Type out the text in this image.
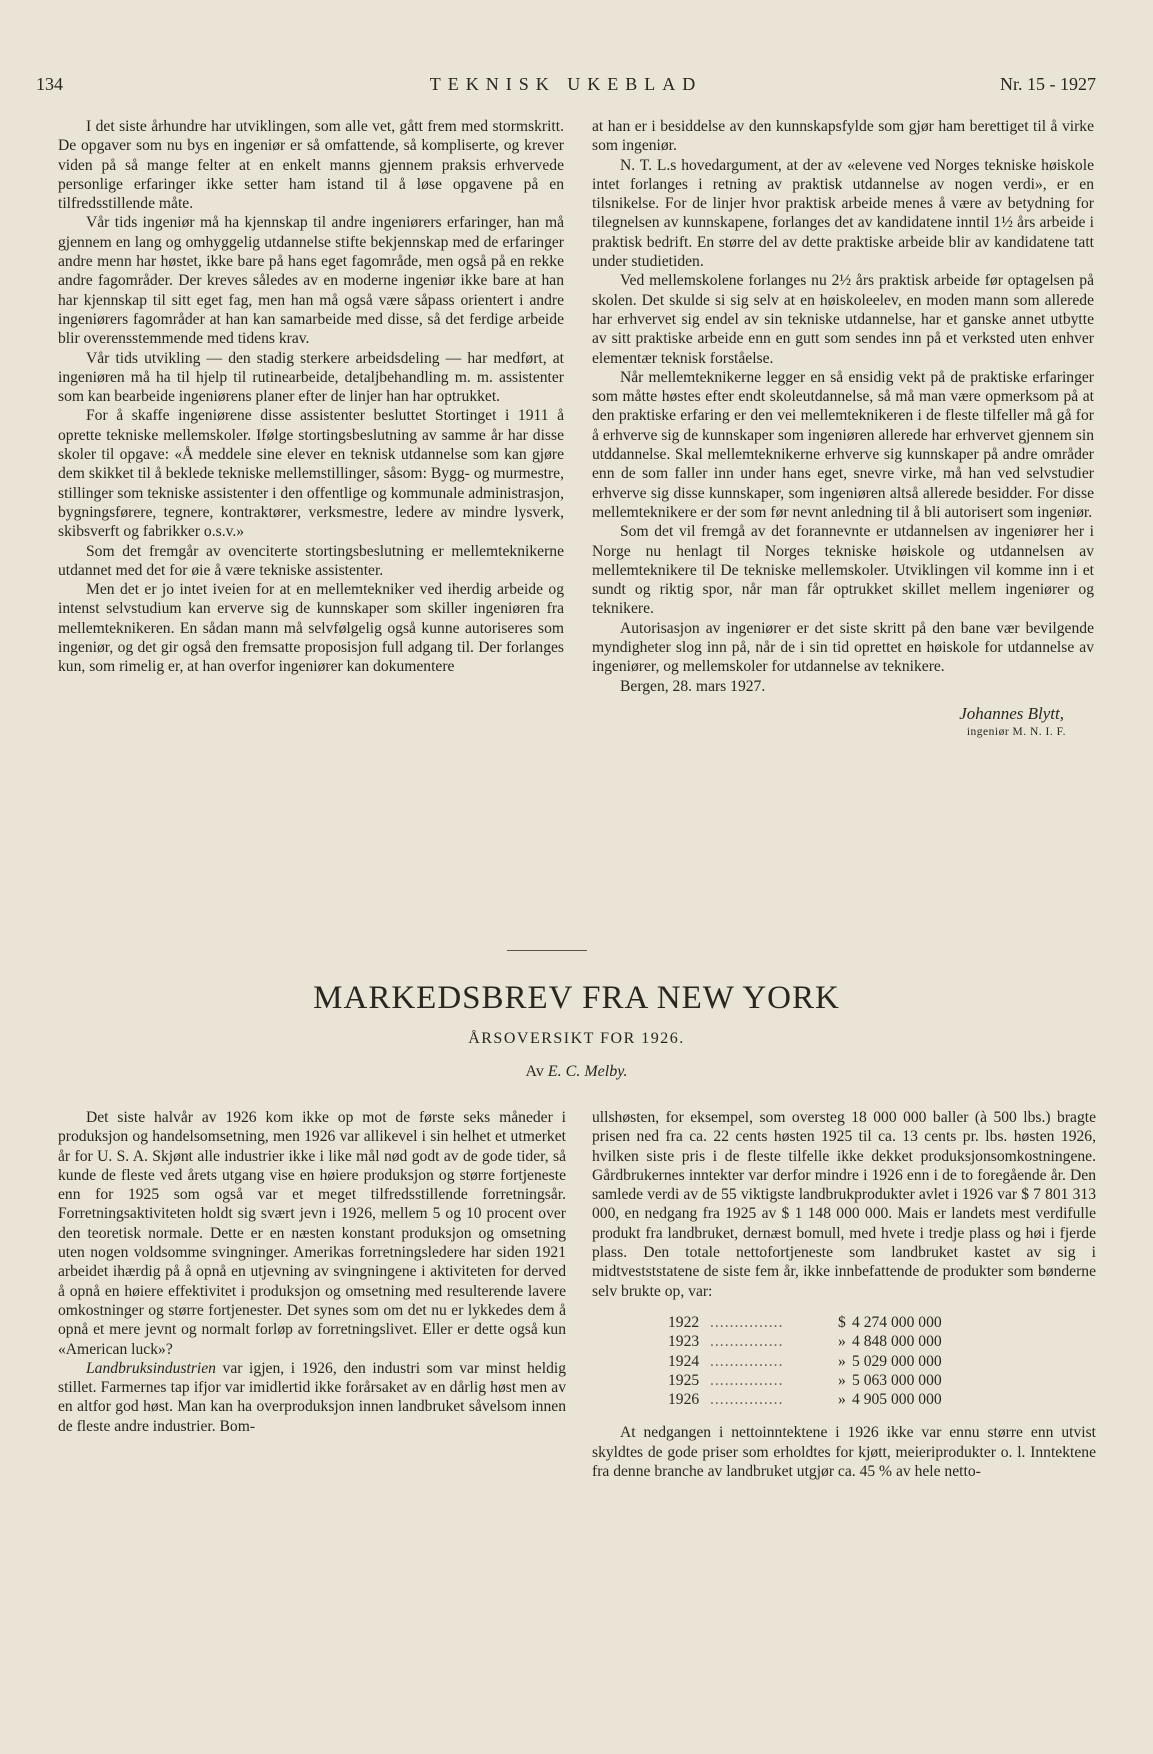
134	TEKNISK UKEBLAD	Nr. 15 - 1927

I det siste århundre har utviklingen, som alle vet, gått frem med stormskritt. De opgaver som nu bys en ingeniør er så omfattende, så kompliserte, og krever viden på så mange felter at en enkelt manns gjennem praksis erhvervede personlige erfaringer ikke setter ham istand til å løse opgavene på en tilfredsstillende måte.

Vår tids ingeniør må ha kjennskap til andre ingeniørers erfaringer, han må gjennem en lang og omhyggelig utdannelse stifte bekjennskap med de erfaringer andre menn har høstet, ikke bare på hans eget fagområde, men også på en rekke andre fagområder. Der kreves således av en moderne ingeniør ikke bare at han har kjennskap til sitt eget fag, men han må også være såpass orientert i andre ingeniørers fagområder at han kan samarbeide med disse, så det ferdige arbeide blir overensstemmende med tidens krav.

Vår tids utvikling — den stadig sterkere arbeidsdeling — har medført, at ingeniøren må ha til hjelp til rutinearbeide, detaljbehandling m. m. assistenter som kan bearbeide ingeniørens planer efter de linjer han har optrukket.

For å skaffe ingeniørene disse assistenter besluttet Stortinget i 1911 å oprette tekniske mellemskoler. Ifølge stortingsbeslutning av samme år har disse skoler til opgave: «Å meddele sine elever en teknisk utdannelse som kan gjøre dem skikket til å beklede tekniske mellemstillinger, såsom: Bygg- og murmestre, stillinger som tekniske assistenter i den offentlige og kommunale administrasjon, bygningsførere, tegnere, kontraktører, verksmestre, ledere av mindre lysverk, skibsverft og fabrikker o.s.v.»

Som det fremgår av ovenciterte stortingsbeslutning er mellemteknikerne utdannet med det for øie å være tekniske assistenter.

Men det er jo intet iveien for at en mellemtekniker ved iherdig arbeide og intenst selvstudium kan erverve sig de kunnskaper som skiller ingeniøren fra mellemteknikeren. En sådan mann må selvfølgelig også kunne autoriseres som ingeniør, og det gir også den fremsatte proposisjon full adgang til. Der forlanges kun, som rimelig er, at han overfor ingeniører kan dokumentere

at han er i besiddelse av den kunnskapsfylde som gjør ham berettiget til å virke som ingeniør.

N. T. L.s hovedargument, at der av «elevene ved Norges tekniske høiskole intet forlanges i retning av praktisk utdannelse av nogen verdi», er en tilsnikelse. For de linjer hvor praktisk arbeide menes å være av betydning for tilegnelsen av kunnskapene, forlanges det av kandidatene inntil 1½ års arbeide i praktisk bedrift. En større del av dette praktiske arbeide blir av kandidatene tatt under studietiden.

Ved mellemskolene forlanges nu 2½ års praktisk arbeide før optagelsen på skolen. Det skulde si sig selv at en høiskoleelev, en moden mann som allerede har erhvervet sig endel av sin tekniske utdannelse, har et ganske annet utbytte av sitt praktiske arbeide enn en gutt som sendes inn på et verksted uten enhver elementær teknisk forståelse.

Når mellemteknikerne legger en så ensidig vekt på de praktiske erfaringer som måtte høstes efter endt skoleutdannelse, så må man være opmerksom på at den praktiske erfaring er den vei mellemteknikeren i de fleste tilfeller må gå for å erhverve sig de kunnskaper som ingeniøren allerede har erhvervet gjennem sin utddannelse. Skal mellemteknikerne erhverve sig kunnskaper på andre områder enn de som faller inn under hans eget, snevre virke, må han ved selvstudier erhverve sig disse kunnskaper, som ingeniøren altså allerede besidder. For disse mellemteknikere er der som før nevnt anledning til å bli autorisert som ingeniør.

Som det vil fremgå av det forannevnte er utdannelsen av ingeniører her i Norge nu henlagt til Norges tekniske høiskole og utdannelsen av mellemteknikere til De tekniske mellemskoler. Utviklingen vil komme inn i et sundt og riktig spor, når man får optrukket skillet mellem ingeniører og teknikere.

Autorisasjon av ingeniører er det siste skritt på den bane vær bevilgende myndigheter slog inn på, når de i sin tid oprettet en høiskole for utdannelse av ingeniører, og mellemskoler for utdannelse av teknikere.

Bergen, 28. mars 1927.

Johannes Blytt,
ingeniør M. N. I. F.
MARKEDSBREV FRA NEW YORK
ÅRSOVERSIKT FOR 1926.
Av E. C. Melby.

Det siste halvår av 1926 kom ikke op mot de første seks måneder i produksjon og handelsomsetning, men 1926 var allikevel i sin helhet et utmerket år for U. S. A. Skjønt alle industrier ikke i like mål nød godt av de gode tider, så kunde de fleste ved årets utgang vise en høiere produksjon og større fortjeneste enn for 1925 som også var et meget tilfredsstillende forretningsår. Forretningsaktiviteten holdt sig svært jevn i 1926, mellem 5 og 10 procent over den teoretisk normale. Dette er en næsten konstant produksjon og omsetning uten nogen voldsomme svingninger. Amerikas forretningsledere har siden 1921 arbeidet ihærdig på å opnå en utjevning av svingningene i aktiviteten for derved å opnå en høiere effektivitet i produksjon og omsetning med resulterende lavere omkostninger og større fortjenester. Det synes som om det nu er lykkedes dem å opnå et mere jevnt og normalt forløp av forretningslivet. Eller er dette også kun «American luck»?

Landbruksindustrien var igjen, i 1926, den industri som var minst heldig stillet. Farmernes tap ifjor var imidlertid ikke forårsaket av en dårlig høst men av en altfor god høst. Man kan ha overproduksjon innen landbruket såvelsom innen de fleste andre industrier. Bom-

ullshøsten, for eksempel, som oversteg 18 000 000 baller (à 500 lbs.) bragte prisen ned fra ca. 22 cents høsten 1925 til ca. 13 cents pr. lbs. høsten 1926, hvilken siste pris i de fleste tilfelle ikke dekket produksjonsomkostningene. Gårdbrukernes inntekter var derfor mindre i 1926 enn i de to foregående år. Den samlede verdi av de 55 viktigste landbrukprodukter avlet i 1926 var $ 7 801 313 000, en nedgang fra 1925 av $ 1 148 000 000. Mais er landets mest verdifulle produkt fra landbruket, dernæst bomull, med hvete i tredje plass og høi i fjerde plass. Den totale nettofortjeneste som landbruket kastet av sig i midtvestststatene de siste fem år, ikke innbefattende de produkter som bønderne selv brukte op, var:

1922	...............	$ 4 274 000 000
1923	...............	» 4 848 000 000
1924	...............	» 5 029 000 000
1925	...............	» 5 063 000 000
1926	...............	» 4 905 000 000

At nedgangen i nettoinntektene i 1926 ikke var ennu større enn utvist skyldtes de gode priser som erholdtes for kjøtt, meieriprodukter o. l. Inntektene fra denne branche av landbruket utgjør ca. 45 % av hele netto-
